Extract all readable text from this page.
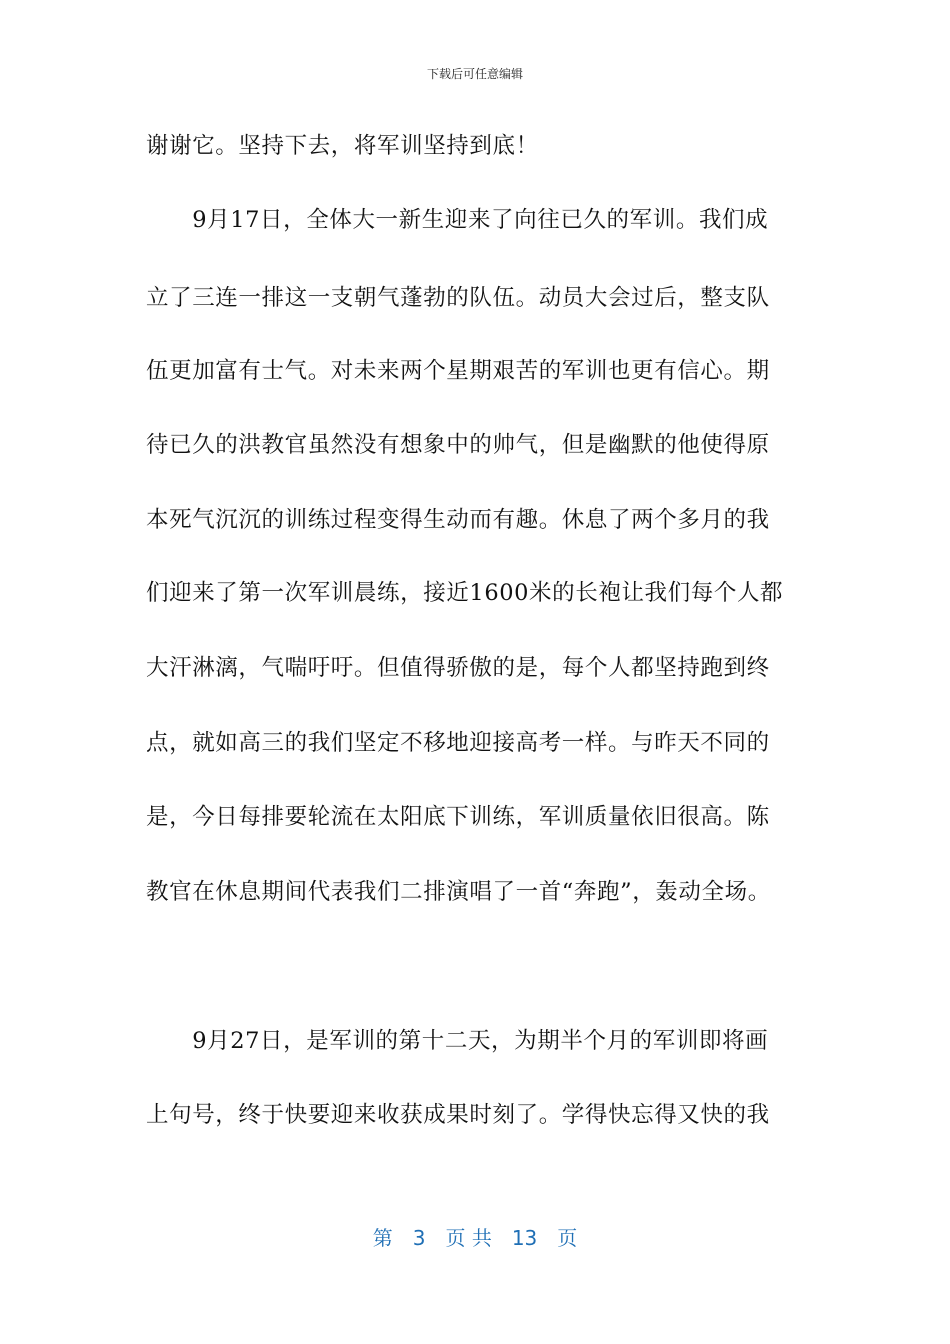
下载后可任意编辑
谢谢它。坚持下去，将军训坚持到底！
　　9月17日，全体大一新生迎来了向往已久的军训。我们成
立了三连一排这一支朝气蓬勃的队伍。动员大会过后，整支队
伍更加富有士气。对未来两个星期艰苦的军训也更有信心。期
待已久的洪教官虽然没有想象中的帅气，但是幽默的他使得原
本死气沉沉的训练过程变得生动而有趣。休息了两个多月的我
们迎来了第一次军训晨练，接近1600米的长袍让我们每个人都
大汗淋漓，气喘吁吁。但值得骄傲的是，每个人都坚持跑到终
点，就如高三的我们坚定不移地迎接高考一样。与昨天不同的
是，今日每排要轮流在太阳底下训练，军训质量依旧很高。陈
教官在休息期间代表我们二排演唱了一首“奔跑”，轰动全场。
　　9月27日，是军训的第十二天，为期半个月的军训即将画
上句号，终于快要迎来收获成果时刻了。学得快忘得又快的我
第　3　页 共　13　页
